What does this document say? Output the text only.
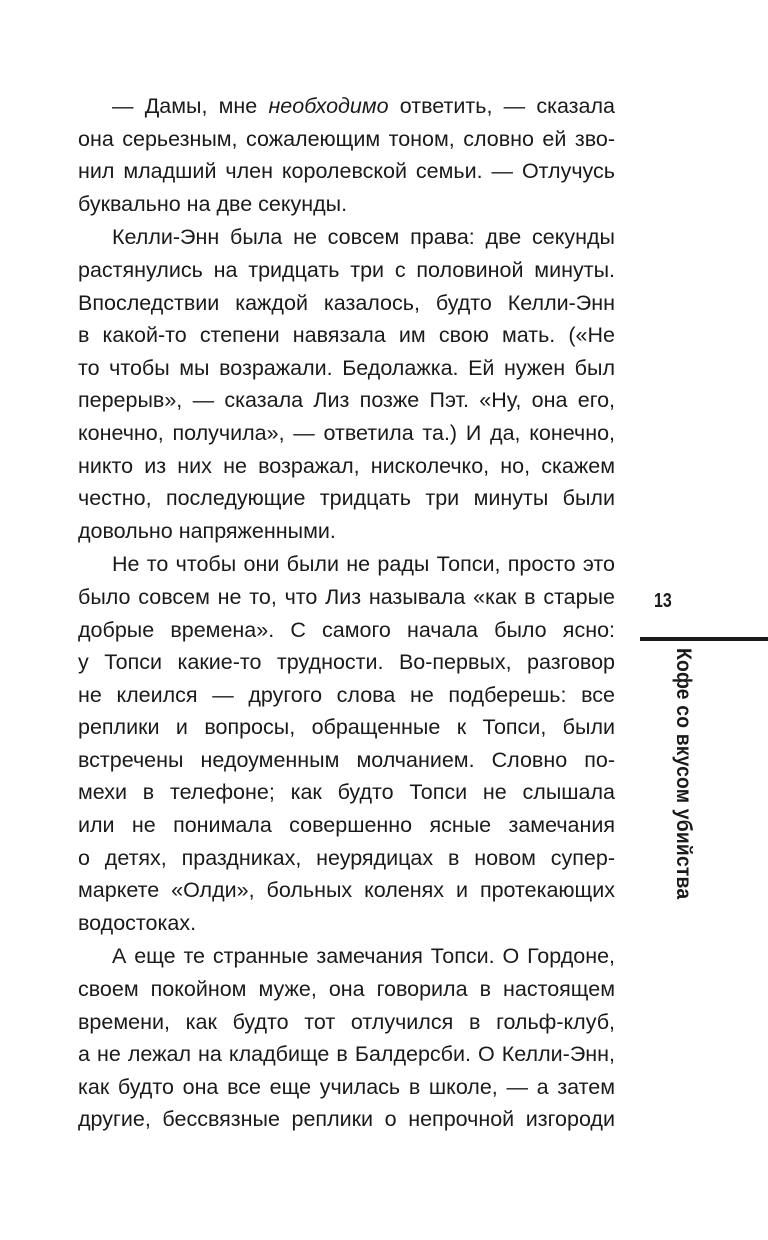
— Дамы, мне необходимо ответить, — сказала
она серьезным, сожалеющим тоном, словно ей зво-
нил младший член королевской семьи. — Отлучусь
буквально на две секунды.
Келли-Энн была не совсем права: две секунды
растянулись на тридцать три с половиной минуты.
Впоследствии каждой казалось, будто Келли-Энн
в какой-то степени навязала им свою мать. («Не
то чтобы мы возражали. Бедолажка. Ей нужен был
перерыв», — сказала Лиз позже Пэт. «Ну, она его,
конечно, получила», — ответила та.) И да, конечно,
никто из них не возражал, нисколечко, но, скажем
честно, последующие тридцать три минуты были
довольно напряженными.
Не то чтобы они были не рады Топси, просто это
было совсем не то, что Лиз называла «как в старые
добрые времена». С самого начала было ясно:
у Топси какие-то трудности. Во-первых, разговор
не клеился — другого слова не подберешь: все
реплики и вопросы, обращенные к Топси, были
встречены недоуменным молчанием. Словно по-
мехи в телефоне; как будто Топси не слышала
или не понимала совершенно ясные замечания
о детях, праздниках, неурядицах в новом супер-
маркете «Олди», больных коленях и протекающих
водостоках.
А еще те странные замечания Топси. О Гордоне,
своем покойном муже, она говорила в настоящем
времени, как будто тот отлучился в гольф-клуб,
а не лежал на кладбище в Балдерсби. О Келли-Энн,
как будто она все еще училась в школе, — а затем
другие, бессвязные реплики о непрочной изгороди
13
Кофе со вкусом убийства
